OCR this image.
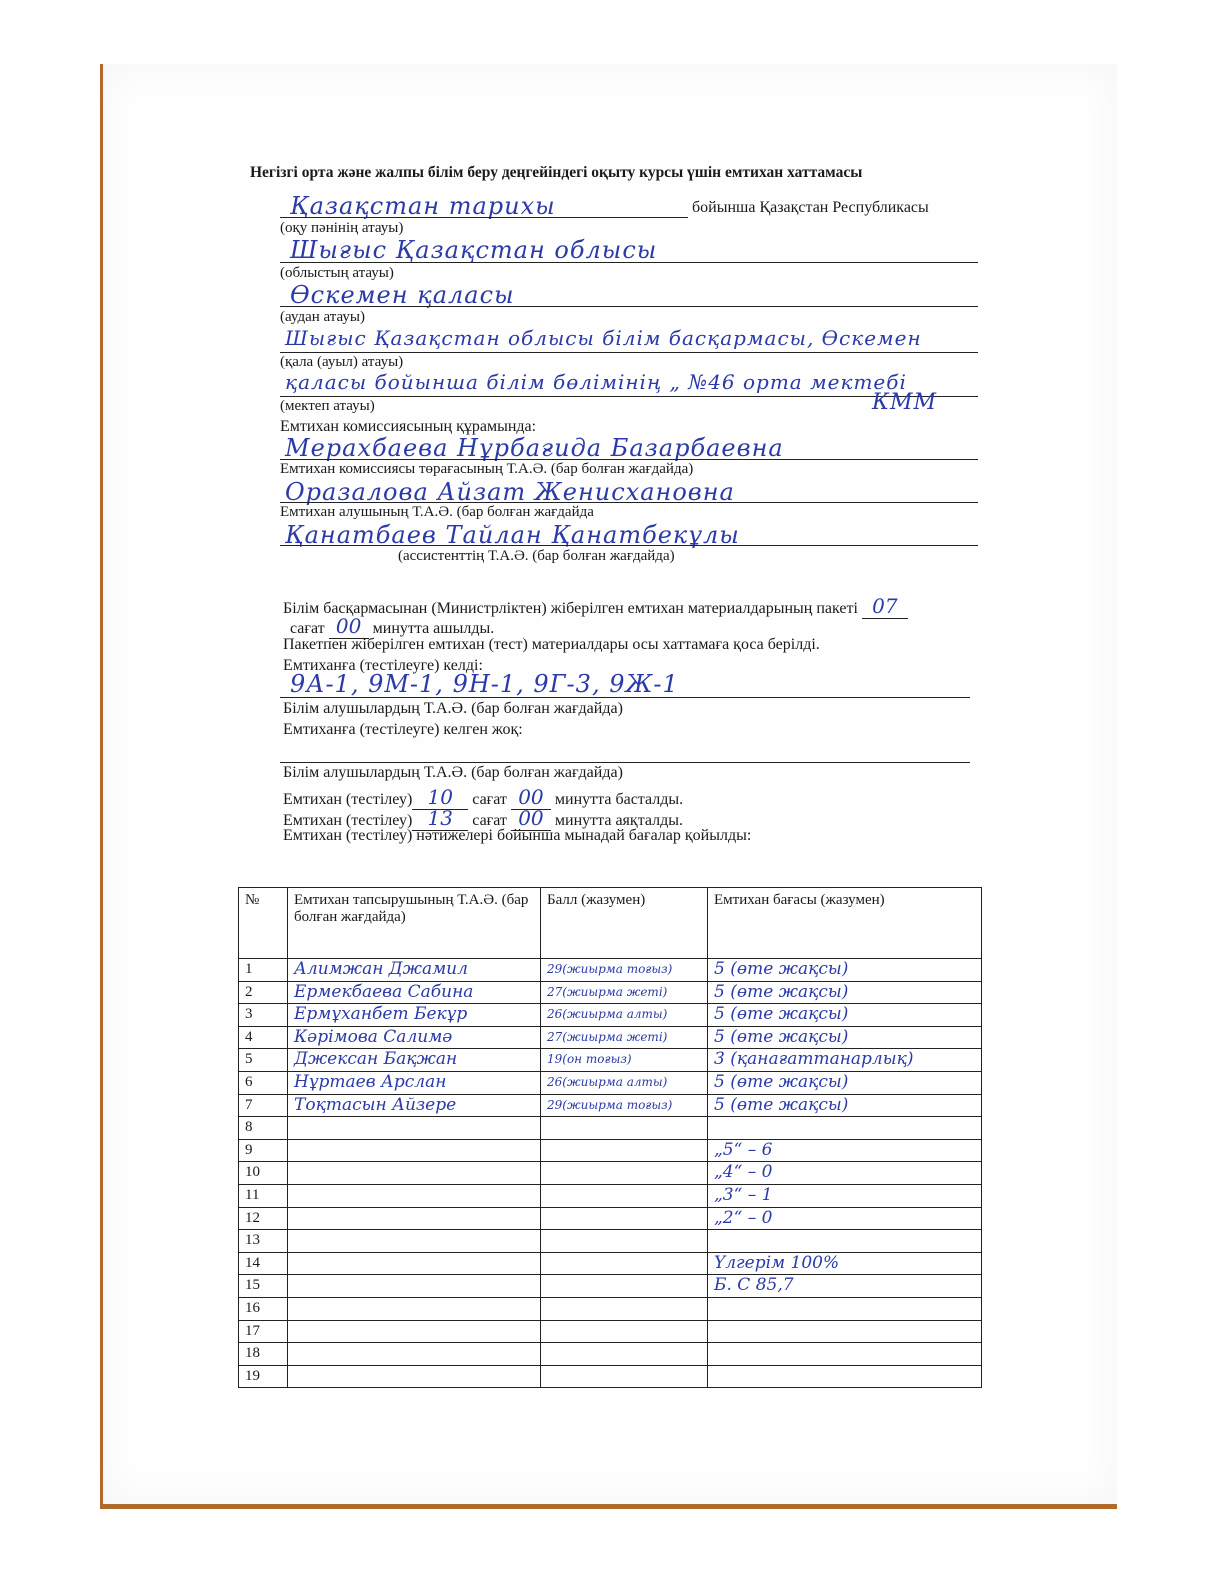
Негізгі орта және жалпы білім беру деңгейіндегі оқыту курсы үшін емтихан хаттамасы
Қазақстан тарихы	бойынша Қазақстан Республикасы
(оқу пәнінің атауы)
Шығыс Қазақстан облысы
(облыстың атауы)
Өскемен қаласы
(аудан атауы)
Шығыс Қазақстан облысы білім басқармасы, Өскемен
(қала (ауыл) атауы)
қаласы бойынша білім бөлімінің „ №46 орта мектебі
(мектеп атауы)	КММ
Емтихан комиссиясының құрамында:
Мерахбаева Нұрбағида Базарбаевна
Емтихан комиссиясы төрағасының Т.А.Ә. (бар болған жағдайда)
Оразалова Айзат Женисхановна
Емтихан алушының Т.А.Ә. (бар болған жағдайда
Қанатбаев Тайлан Қанатбекұлы
(ассистенттің Т.А.Ә. (бар болған жағдайда)
Білім басқармасынан (Министрліктен) жіберілген емтихан материалдарының пакеті 07
сағат 00 минутта ашылды.
Пакетпен жіберілген емтихан (тест) материалдары осы хаттамаға қоса берілді.
Емтиханға (тестілеуге) келді:
9А-1, 9М-1, 9Н-1, 9Г-3, 9Ж-1
Білім алушылардың Т.А.Ә. (бар болған жағдайда)
Емтиханға (тестілеуге) келген жоқ:
Білім алушылардың Т.А.Ә. (бар болған жағдайда)
Емтихан (тестілеу) 10 сағат 00 минутта басталды.
Емтихан (тестілеу) 13 сағат 00 минутта аяқталды.
Емтихан (тестілеу) нәтижелері бойынша мынадай бағалар қойылды:
№	Емтихан тапсырушының Т.А.Ә. (бар болған жағдайда)	Балл (жазумен)	Емтихан бағасы (жазумен)
1	Алимжан Джамил	29(жиырма тоғыз)	5 (өте жақсы)
2	Ермекбаева Сабина	27(жиырма жеті)	5 (өте жақсы)
3	Ермұханбет Бекұр	26(жиырма алты)	5 (өте жақсы)
4	Кәрімова Салимә	27(жиырма жеті)	5 (өте жақсы)
5	Джексан Бақжан	19(он тоғыз)	3 (қанағаттанарлық)
6	Нұртаев Арслан	26(жиырма алты)	5 (өте жақсы)
7	Тоқтасын Айзере	29(жиырма тоғыз)	5 (өте жақсы)
8			
9			„5“ – 6
10			„4“ – 0
11			„3“ – 1
12			„2“ – 0
13			
14			Үлгерім 100%
15			Б. С 85,7
16			
17			
18			
19			
